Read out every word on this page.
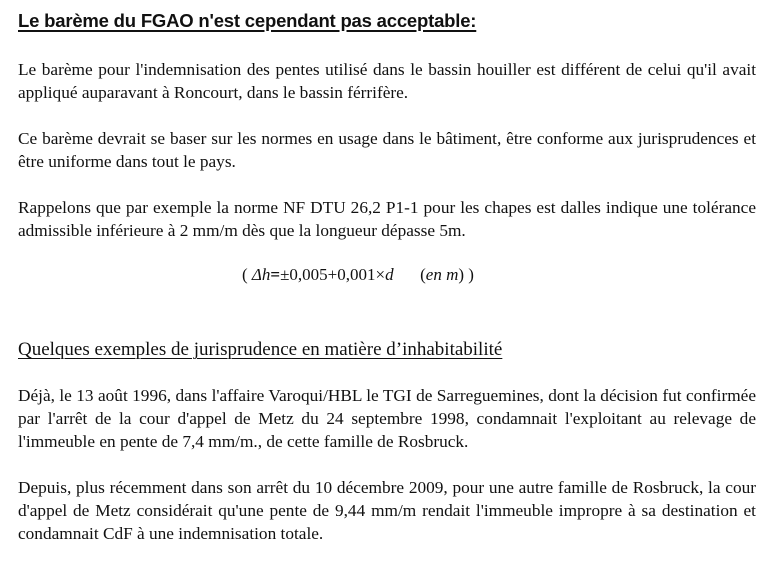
Le barème du FGAO n'est cependant pas acceptable:

Le barème pour l'indemnisation des pentes utilisé dans le bassin houiller est différent de celui qu'il avait appliqué auparavant à Roncourt, dans le bassin férrifère.

Ce barème devrait se baser sur les normes en usage dans le bâtiment, être conforme aux jurisprudences et être uniforme dans tout le pays.

Rappelons que par exemple la norme NF DTU 26,2 P1-1 pour les chapes est dalles indique une tolérance admissible inférieure à 2 mm/m dès que la longueur dépasse 5m.

( Δh=±0,005+0,001×d (en m) )
Quelques exemples de jurisprudence en matière d’inhabitabilité

Déjà, le 13 août 1996, dans l'affaire Varoqui/HBL le TGI de Sarreguemines, dont la décision fut confirmée par l'arrêt de la cour d'appel de Metz du 24 septembre 1998, condamnait l'exploitant au relevage de l'immeuble en pente de 7,4 mm/m., de cette famille de Rosbruck.

Depuis, plus récemment dans son arrêt du 10 décembre 2009, pour une autre famille de Rosbruck, la cour d'appel de Metz considérait qu'une pente de 9,44 mm/m rendait l'immeuble impropre à sa destination et condamnait CdF à une indemnisation totale.
